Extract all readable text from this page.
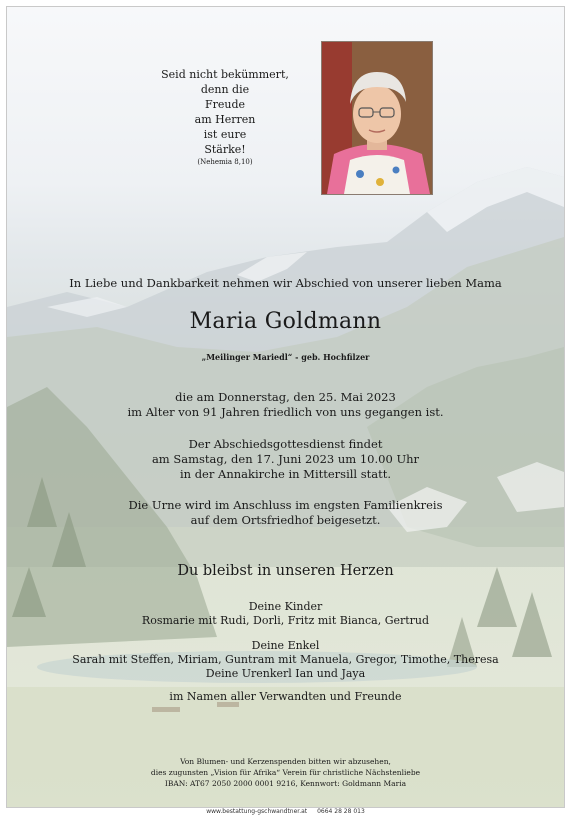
Seid nicht bekümmert,
denn die
Freude
am Herren
ist eure
Stärke!
(Nehemia 8,10)
In Liebe und Dankbarkeit nehmen wir Abschied von unserer lieben Mama
Maria Goldmann
„Meilinger Mariedl“ - geb. Hochfilzer
die am Donnerstag, den 25. Mai 2023
im Alter von 91 Jahren friedlich von uns gegangen ist.
Der Abschiedsgottesdienst findet
am Samstag, den 17. Juni 2023 um 10.00 Uhr
in der Annakirche in Mittersill statt.
Die Urne wird im Anschluss im engsten Familienkreis
auf dem Ortsfriedhof beigesetzt.
Du bleibst in unseren Herzen
Deine Kinder
Rosmarie mit Rudi, Dorli, Fritz mit Bianca, Gertrud
Deine Enkel
Sarah mit Steffen, Miriam, Guntram mit Manuela, Gregor, Timothe, Theresa
Deine Urenkerl Ian und Jaya
im Namen aller Verwandten und Freunde
Von Blumen- und Kerzenspenden bitten wir abzusehen,
dies zugunsten „Vision für Afrika“ Verein für christliche Nächstenliebe
IBAN: AT67 2050 2000 0001 9216, Kennwort: Goldmann Maria
www.bestattung-gschwandtner.at 0664 28 28 013
